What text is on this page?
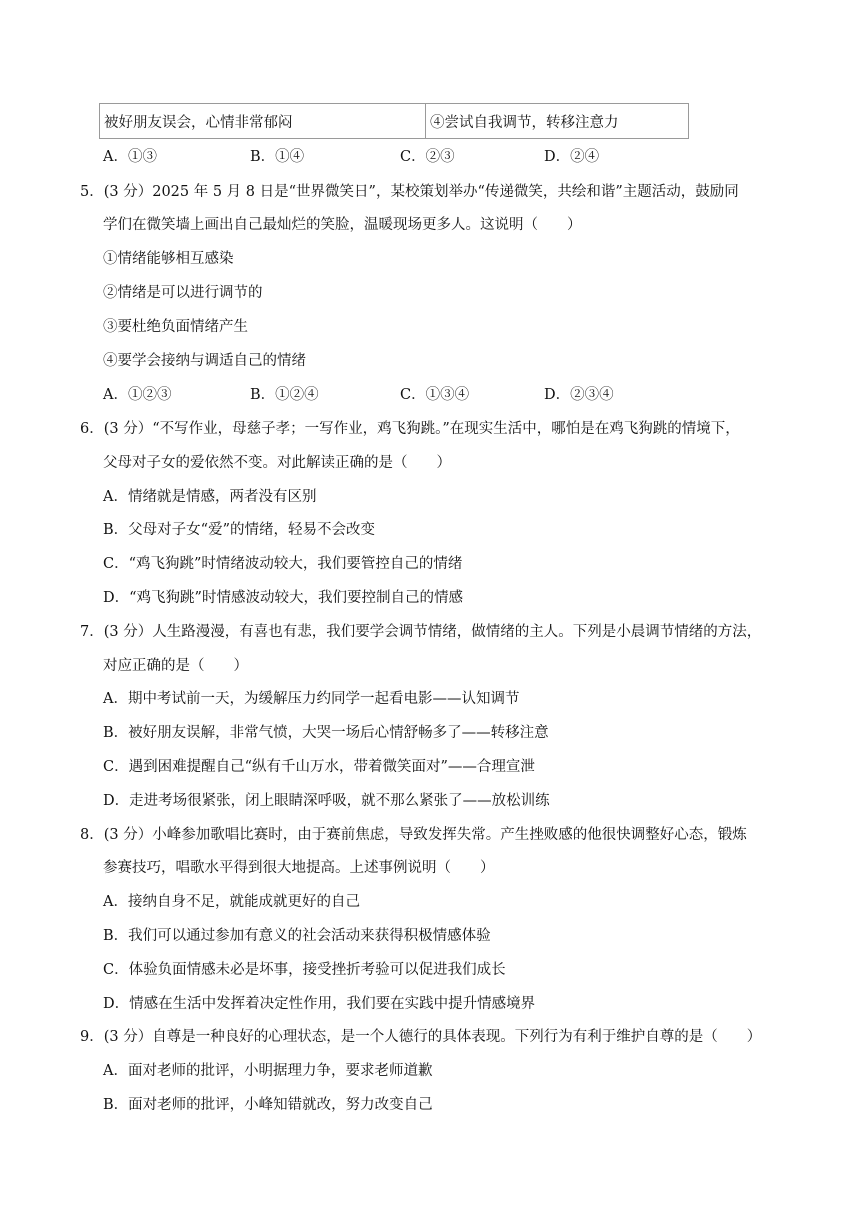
被好朋友误会，心情非常郁闷	④尝试自我调节，转移注意力
A．①③	B．①④	C．②③	D．②④
5．(3 分）2025 年 5 月 8 日是“世界微笑日”，某校策划举办“传递微笑，共绘和谐”主题活动，鼓励同
学们在微笑墙上画出自己最灿烂的笑脸，温暖现场更多人。这说明（　　）
①情绪能够相互感染
②情绪是可以进行调节的
③要杜绝负面情绪产生
④要学会接纳与调适自己的情绪
A．①②③	B．①②④	C．①③④	D．②③④
6．(3 分）“不写作业，母慈子孝；一写作业，鸡飞狗跳。”在现实生活中，哪怕是在鸡飞狗跳的情境下，
父母对子女的爱依然不变。对此解读正确的是（　　）
A．情绪就是情感，两者没有区别
B．父母对子女“爱”的情绪，轻易不会改变
C．“鸡飞狗跳”时情绪波动较大，我们要管控自己的情绪
D．“鸡飞狗跳”时情感波动较大，我们要控制自己的情感
7．(3 分）人生路漫漫，有喜也有悲，我们要学会调节情绪，做情绪的主人。下列是小晨调节情绪的方法，
对应正确的是（　　）
A．期中考试前一天，为缓解压力约同学一起看电影——认知调节
B．被好朋友误解，非常气愤，大哭一场后心情舒畅多了——转移注意
C．遇到困难提醒自己“纵有千山万水，带着微笑面对”——合理宣泄
D．走进考场很紧张，闭上眼睛深呼吸，就不那么紧张了——放松训练
8．(3 分）小峰参加歌唱比赛时，由于赛前焦虑，导致发挥失常。产生挫败感的他很快调整好心态，锻炼
参赛技巧，唱歌水平得到很大地提高。上述事例说明（　　）
A．接纳自身不足，就能成就更好的自己
B．我们可以通过参加有意义的社会活动来获得积极情感体验
C．体验负面情感未必是坏事，接受挫折考验可以促进我们成长
D．情感在生活中发挥着决定性作用，我们要在实践中提升情感境界
9．(3 分）自尊是一种良好的心理状态，是一个人德行的具体表现。下列行为有利于维护自尊的是（　　）
A．面对老师的批评，小明据理力争，要求老师道歉
B．面对老师的批评，小峰知错就改，努力改变自己
